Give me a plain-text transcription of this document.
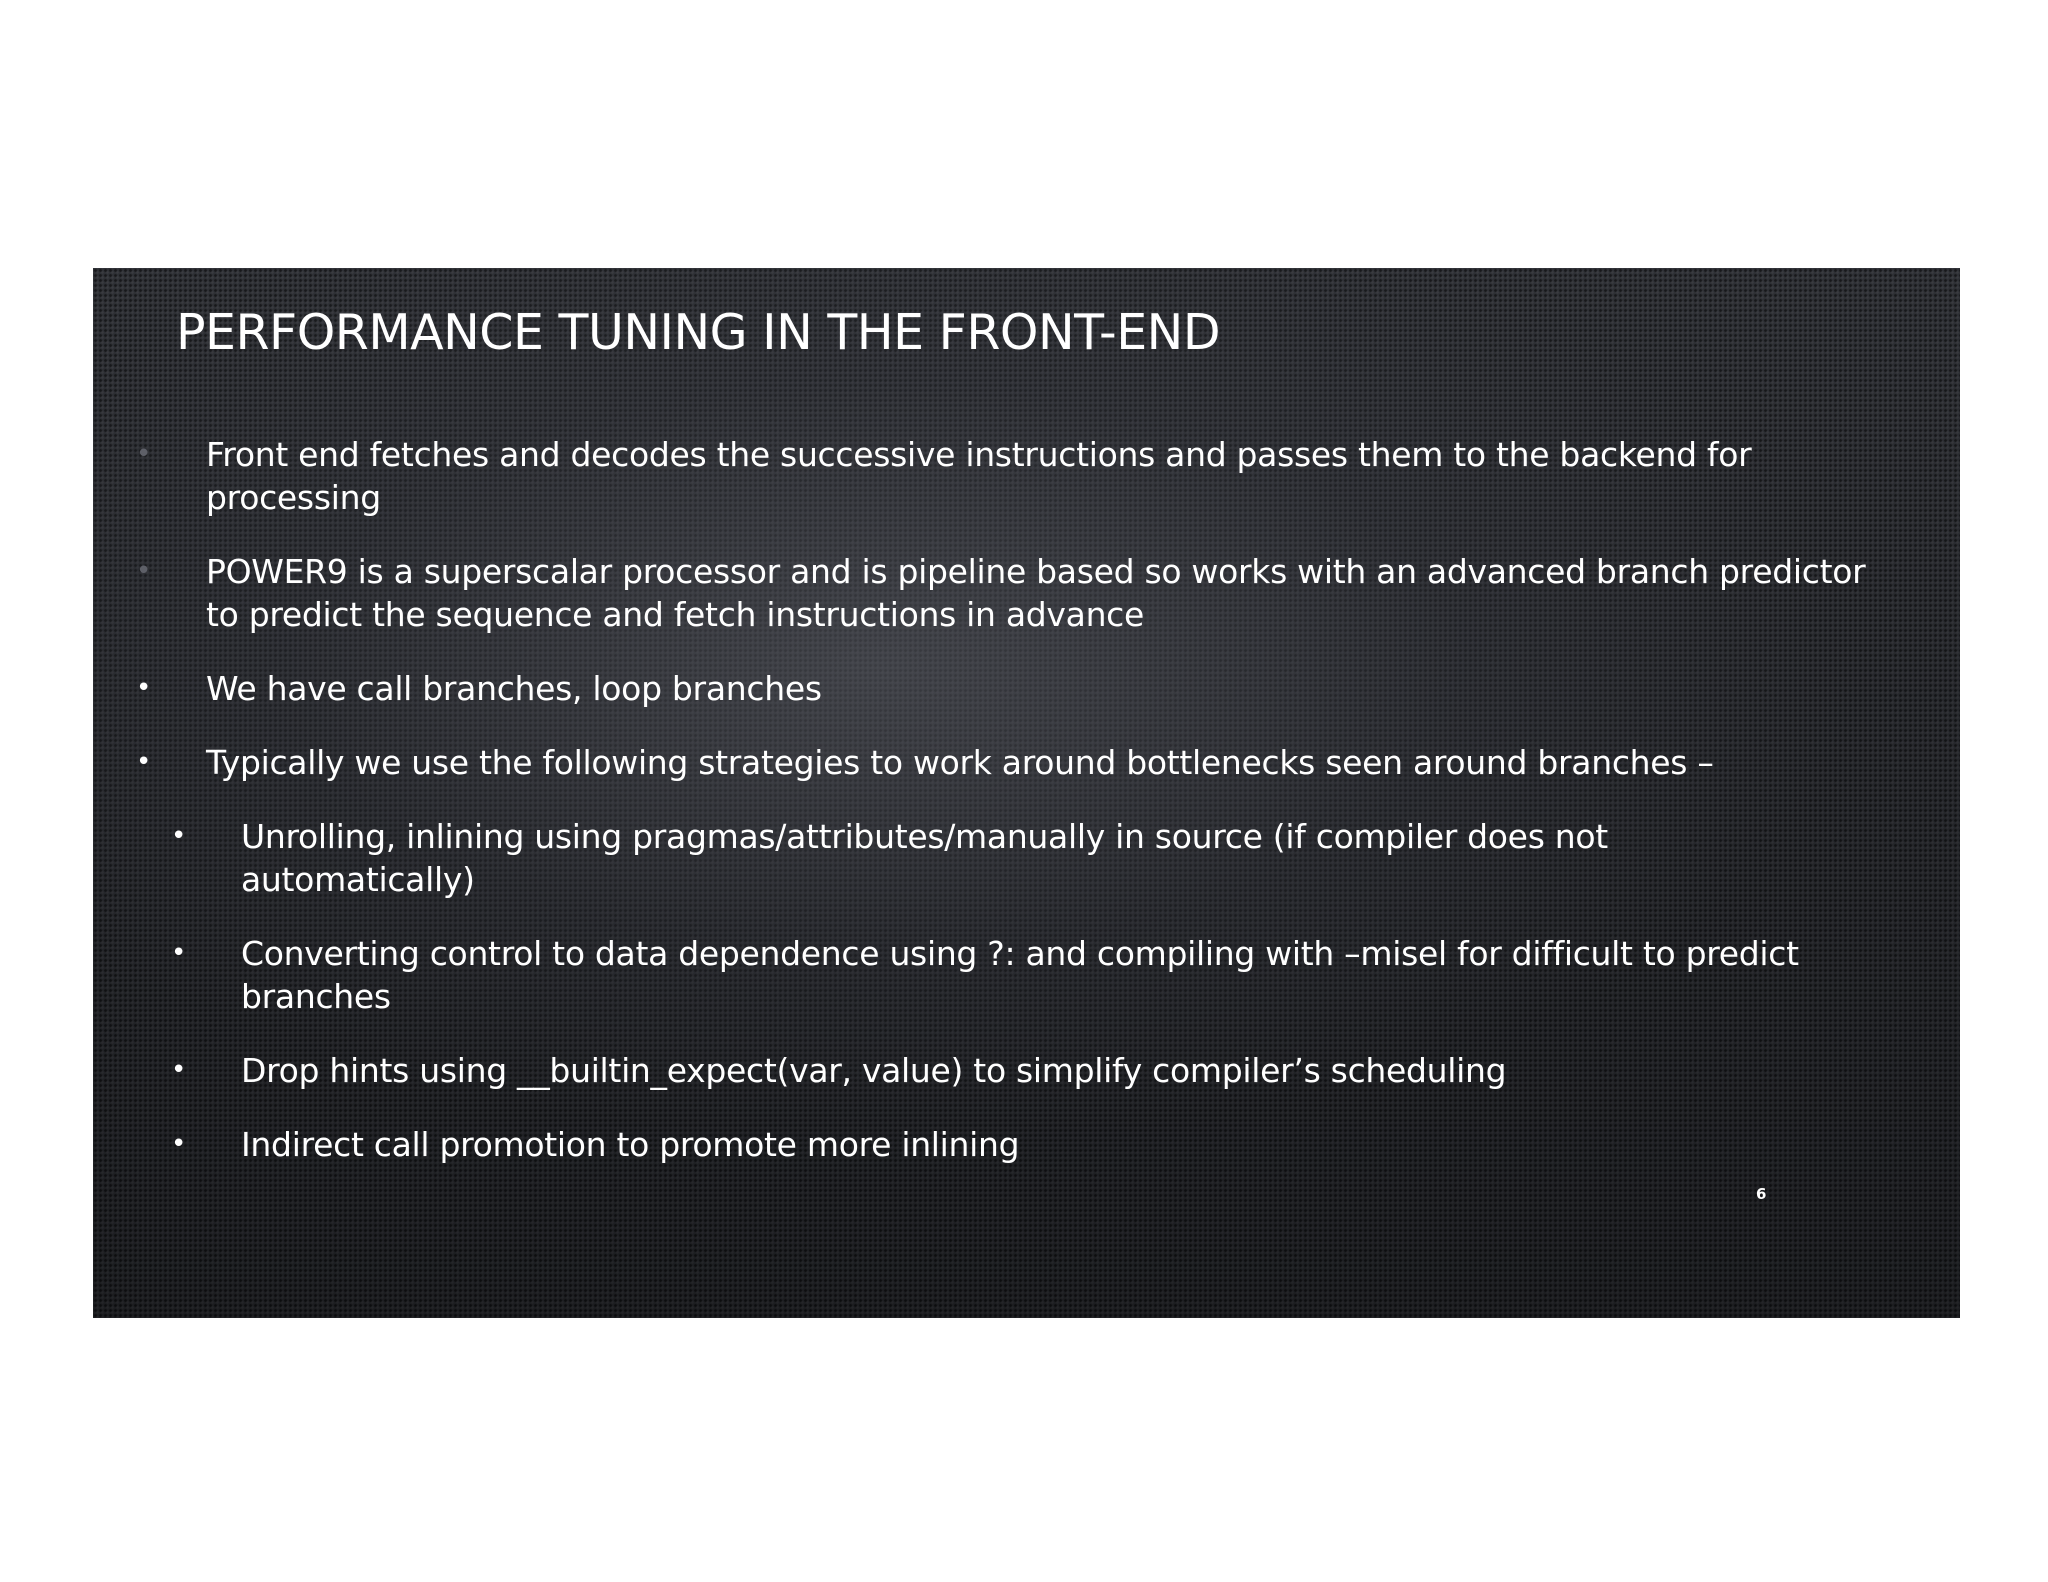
PERFORMANCE TUNING IN THE FRONT-END
• Front end fetches and decodes the successive instructions and passes them to the backend for processing
• POWER9 is a superscalar processor and is pipeline based so works with an advanced branch predictor to predict the sequence and fetch instructions in advance
• We have call branches, loop branches
• Typically we use the following strategies to work around bottlenecks seen around branches –
• Unrolling, inlining using pragmas/attributes/manually in source (if compiler does not automatically)
• Converting control to data dependence using ?: and compiling with –misel for difficult to predict branches
• Drop hints using __builtin_expect(var, value) to simplify compiler’s scheduling
• Indirect call promotion to promote more inlining

6
